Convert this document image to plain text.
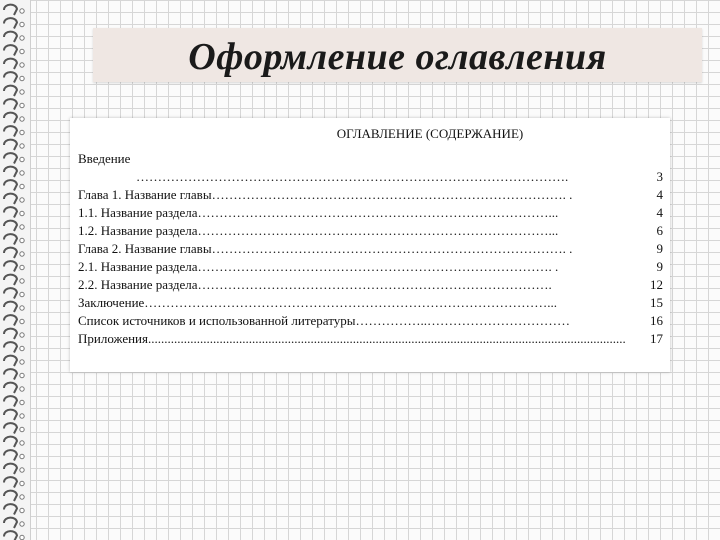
Оформление оглавления
ОГЛАВЛЕНИЕ (СОДЕРЖАНИЕ)
Введение
……………………………………………………………………………………….	3
Глава 1. Название главы ………………………………………………………………………. .	4
1.1. Название раздела ………………………………………………………………………...	4
1.2. Название раздела ………………………………………………………………………...	6
Глава 2. Название главы ………………………………………………………………………. .	9
2.1. Название раздела ………………………………………………………………………. .	9
2.2. Название раздела ……………………………………………………………………….	12
Заключение …………………………………………………………………………………...	15
Список источников и использованной литературы ……………..……………………………	16
Приложения ...................................................................................................................................................	17
